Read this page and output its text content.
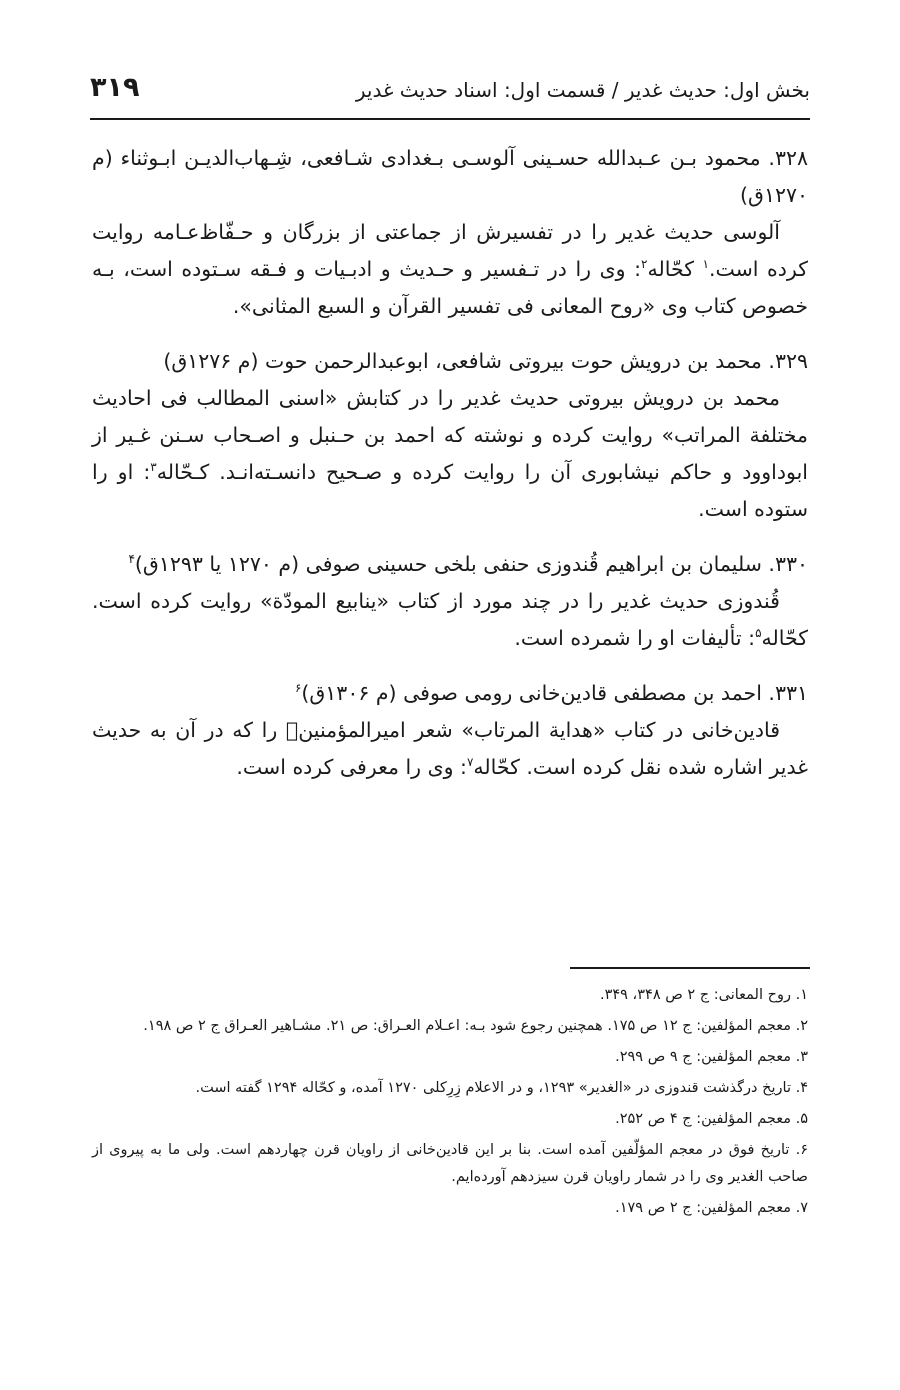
بخش اول: حدیث غدیر / قسمت اول: اسناد حدیث غدیر
۳۱۹

۳۲۸. محمود بـن عـبدالله حسـینی آلوسـی بـغدادی شـافعی، شِـهاب‌الدیـن ابـوثناء (م ۱۲۷۰ق)

آلوسی حدیث غدیر را در تفسیرش از جماعتی از بزرگان و حـفّاظ‌عـامه روایت کرده است.$^۱$ کحّاله$^۲$: وی را در تـفسیر و حـدیث و ادبـیات و فـقه سـتوده است، بـه خصوص کتاب وی «روح المعانی فی تفسیر القرآن و السبع المثانی».

۳۲۹. محمد بن درویش حوت بیروتی شافعی، ابوعبدالرحمن حوت (م ۱۲۷۶ق)

محمد بن درویش بیروتی حدیث غدیر را در کتابش «اسنی المطالب فی احادیث مختلفة المراتب» روایت کرده و نوشته که احمد بن حـنبل و اصـحاب سـنن غـیر از ابوداوود و حاکم نیشابوری آن را روایت کرده و صـحیح دانسـته‌انـد. کـحّاله$^۳$: او را ستوده است.

۳۳۰. سلیمان بن ابراهیم قُندوزی حنفی بلخی حسینی صوفی (م ۱۲۷۰ یا ۱۲۹۳ق)$^۴$

قُندوزی حدیث غدیر را در چند مورد از کتاب «ینابیع المودّة» روایت کرده است. کحّاله$^۵$: تألیفات او را شمرده است.

۳۳۱. احمد بن مصطفی قادین‌خانی رومی صوفی (م ۱۳۰۶ق)$^۶$

قادین‌خانی در کتاب «هدایة المرتاب» شعر امیرالمؤمنین را که در آن به حدیث غدیر اشاره شده نقل کرده است. کحّاله$^۷$: وی را معرفی کرده است.

۱. روح المعانی: ج ۲ ص ۳۴۸، ۳۴۹.

۲. معجم المؤلفین: ج ۱۲ ص ۱۷۵. همچنین رجوع شود بـه: اعـلام العـراق: ص ۲۱. مشـاهیر العـراق ج ۲ ص ۱۹۸.

۳. معجم المؤلفین: ج ۹ ص ۲۹۹.

۴. تاریخ درگذشت قندوزی در «الغدیر» ۱۲۹۳، و در الاعلام زِرِکلی ۱۲۷۰ آمده، و کحّاله ۱۲۹۴ گفته است.

۵. معجم المؤلفین: ج ۴ ص ۲۵۲.

۶. تاریخ فوق در معجم المؤلّفین آمده است. بنا بر این قادین‌خانی از راویان قرن چهاردهم است. ولی ما به پیروی از صاحب الغدیر وی را در شمار راویان قرن سیزدهم آورده‌ایم.

۷. معجم المؤلفین: ج ۲ ص ۱۷۹.
